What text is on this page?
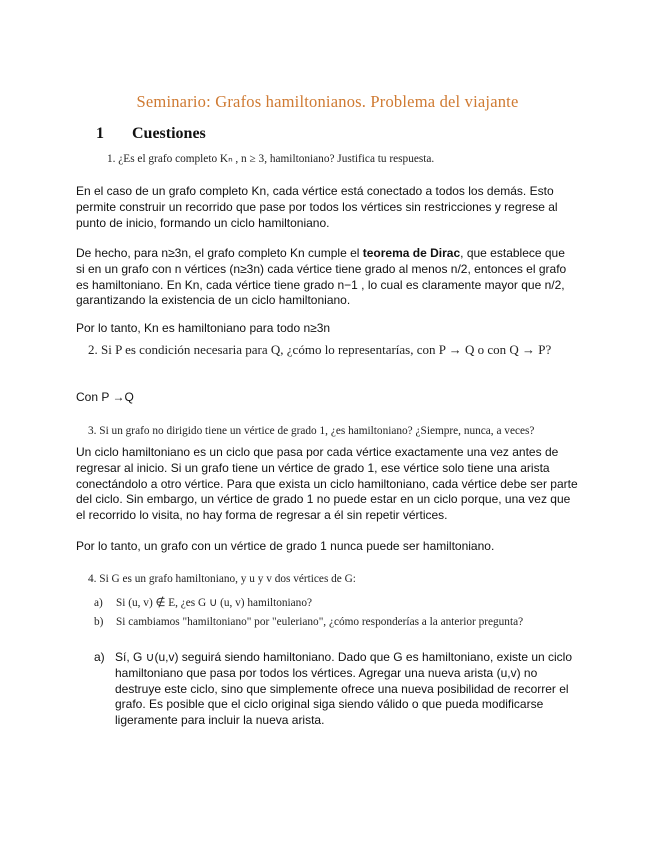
Seminario: Grafos hamiltonianos. Problema del viajante
1 Cuestiones
1. ¿Es el grafo completo Kₙ , n ≥ 3, hamiltoniano? Justifica tu respuesta.
En el caso de un grafo completo Kn, cada vértice está conectado a todos los demás. Esto permite construir un recorrido que pase por todos los vértices sin restricciones y regrese al punto de inicio, formando un ciclo hamiltoniano.
De hecho, para n≥3n, el grafo completo Kn cumple el teorema de Dirac, que establece que si en un grafo con n vértices (n≥3n) cada vértice tiene grado al menos n/2, entonces el grafo es hamiltoniano. En Kn, cada vértice tiene grado n−1 , lo cual es claramente mayor que n/2, garantizando la existencia de un ciclo hamiltoniano.
Por lo tanto, Kn es hamiltoniano para todo n≥3n
2. Si P es condición necesaria para Q, ¿cómo lo representarías, con P → Q o con Q → P?
Con P →Q
3. Si un grafo no dirigido tiene un vértice de grado 1, ¿es hamiltoniano? ¿Siempre, nunca, a veces?
Un ciclo hamiltoniano es un ciclo que pasa por cada vértice exactamente una vez antes de regresar al inicio. Si un grafo tiene un vértice de grado 1, ese vértice solo tiene una arista conectándolo a otro vértice. Para que exista un ciclo hamiltoniano, cada vértice debe ser parte del ciclo. Sin embargo, un vértice de grado 1 no puede estar en un ciclo porque, una vez que el recorrido lo visita, no hay forma de regresar a él sin repetir vértices.
Por lo tanto, un grafo con un vértice de grado 1 nunca puede ser hamiltoniano.
4. Si G es un grafo hamiltoniano, y u y v dos vértices de G:
a) Si (u, v) ∉ E, ¿es G ∪ (u, v) hamiltoniano?
b) Si cambiamos "hamiltoniano" por "euleriano", ¿cómo responderías a la anterior pregunta?
a) Sí, G ∪(u,v) seguirá siendo hamiltoniano. Dado que G es hamiltoniano, existe un ciclo hamiltoniano que pasa por todos los vértices. Agregar una nueva arista (u,v) no destruye este ciclo, sino que simplemente ofrece una nueva posibilidad de recorrer el grafo. Es posible que el ciclo original siga siendo válido o que pueda modificarse ligeramente para incluir la nueva arista.
